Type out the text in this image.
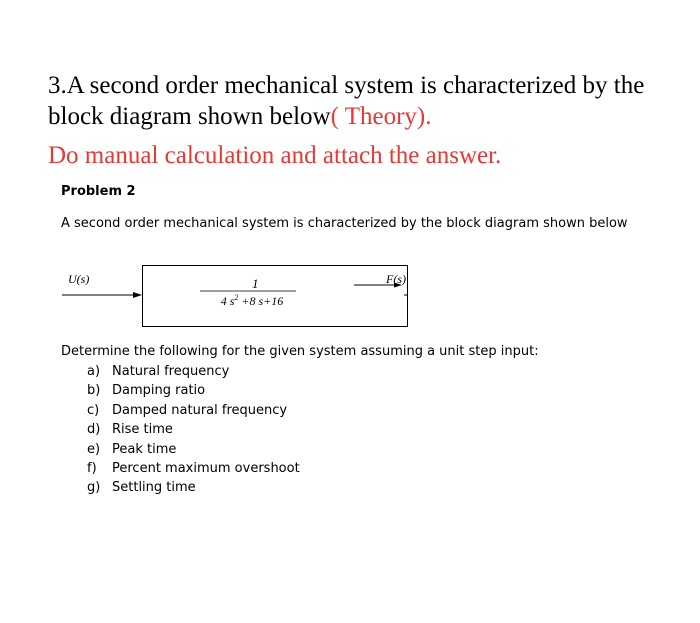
3.A second order mechanical system is characterized by the block diagram shown below( Theory).

Do manual calculation and attach the answer.

Problem 2

A second order mechanical system is characterized by the block diagram shown below

U(s)	F(s)
1
4 $s^2 +8$ s+16

Determine the following for the given system assuming a unit step input:

a) Natural frequency
b) Damping ratio
c) Damped natural frequency
d) Rise time
e) Peak time
f) Percent maximum overshoot
g) Settling time
